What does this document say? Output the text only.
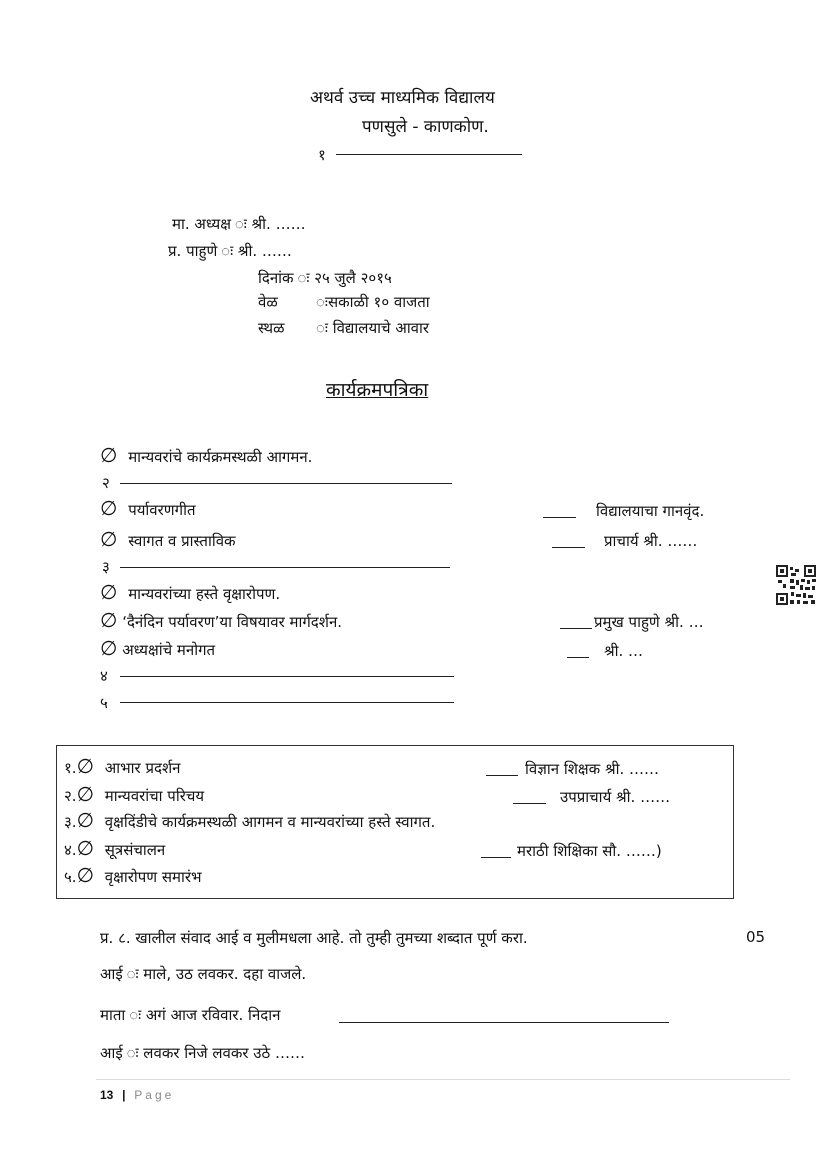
अथर्व उच्च माध्यमिक विद्यालय
पणसुले - काणकोण.
१
मा. अध्यक्ष ः श्री. ……
प्र. पाहुणे ः श्री. ……
दिनांक ः २५ जुलै २०१५
वेळ	ःसकाळी १० वाजता
स्थळ ः विद्यालयाचे आवार
कार्यक्रमपत्रिका
∅ मान्यवरांचे कार्यक्रमस्थळी आगमन.
२
∅ पर्यावरणगीत	विद्यालयाचा गानवृंद.
∅ स्वागत व प्रास्ताविक	प्राचार्य श्री. ……
३
∅ मान्यवरांच्या हस्ते वृक्षारोपण.
∅ ‘दैनंदिन पर्यावरण’या विषयावर मार्गदर्शन.	प्रमुख पाहुणे श्री. …
∅ अध्यक्षांचे मनोगत	श्री. …
४
५
१.∅ आभार प्रदर्शन	विज्ञान शिक्षक श्री. ……
२.∅ मान्यवरांचा परिचय	उपप्राचार्य श्री. ……
३.∅ वृक्षदिंडीचे कार्यक्रमस्थळी आगमन व मान्यवरांच्या हस्ते स्वागत.
४.∅ सूत्रसंचालन	मराठी शिक्षिका सौ. ……)
५.∅ वृक्षारोपण समारंभ
प्र. ८. खालील संवाद आई व मुलीमधला आहे. तो तुम्ही तुमच्या शब्दात पूर्ण करा.	05
आई ः माले, उठ लवकर. दहा वाजले.
माता ः अगं आज रविवार. निदान
आई ः लवकर निजे लवकर उठे ……
13 | Page
